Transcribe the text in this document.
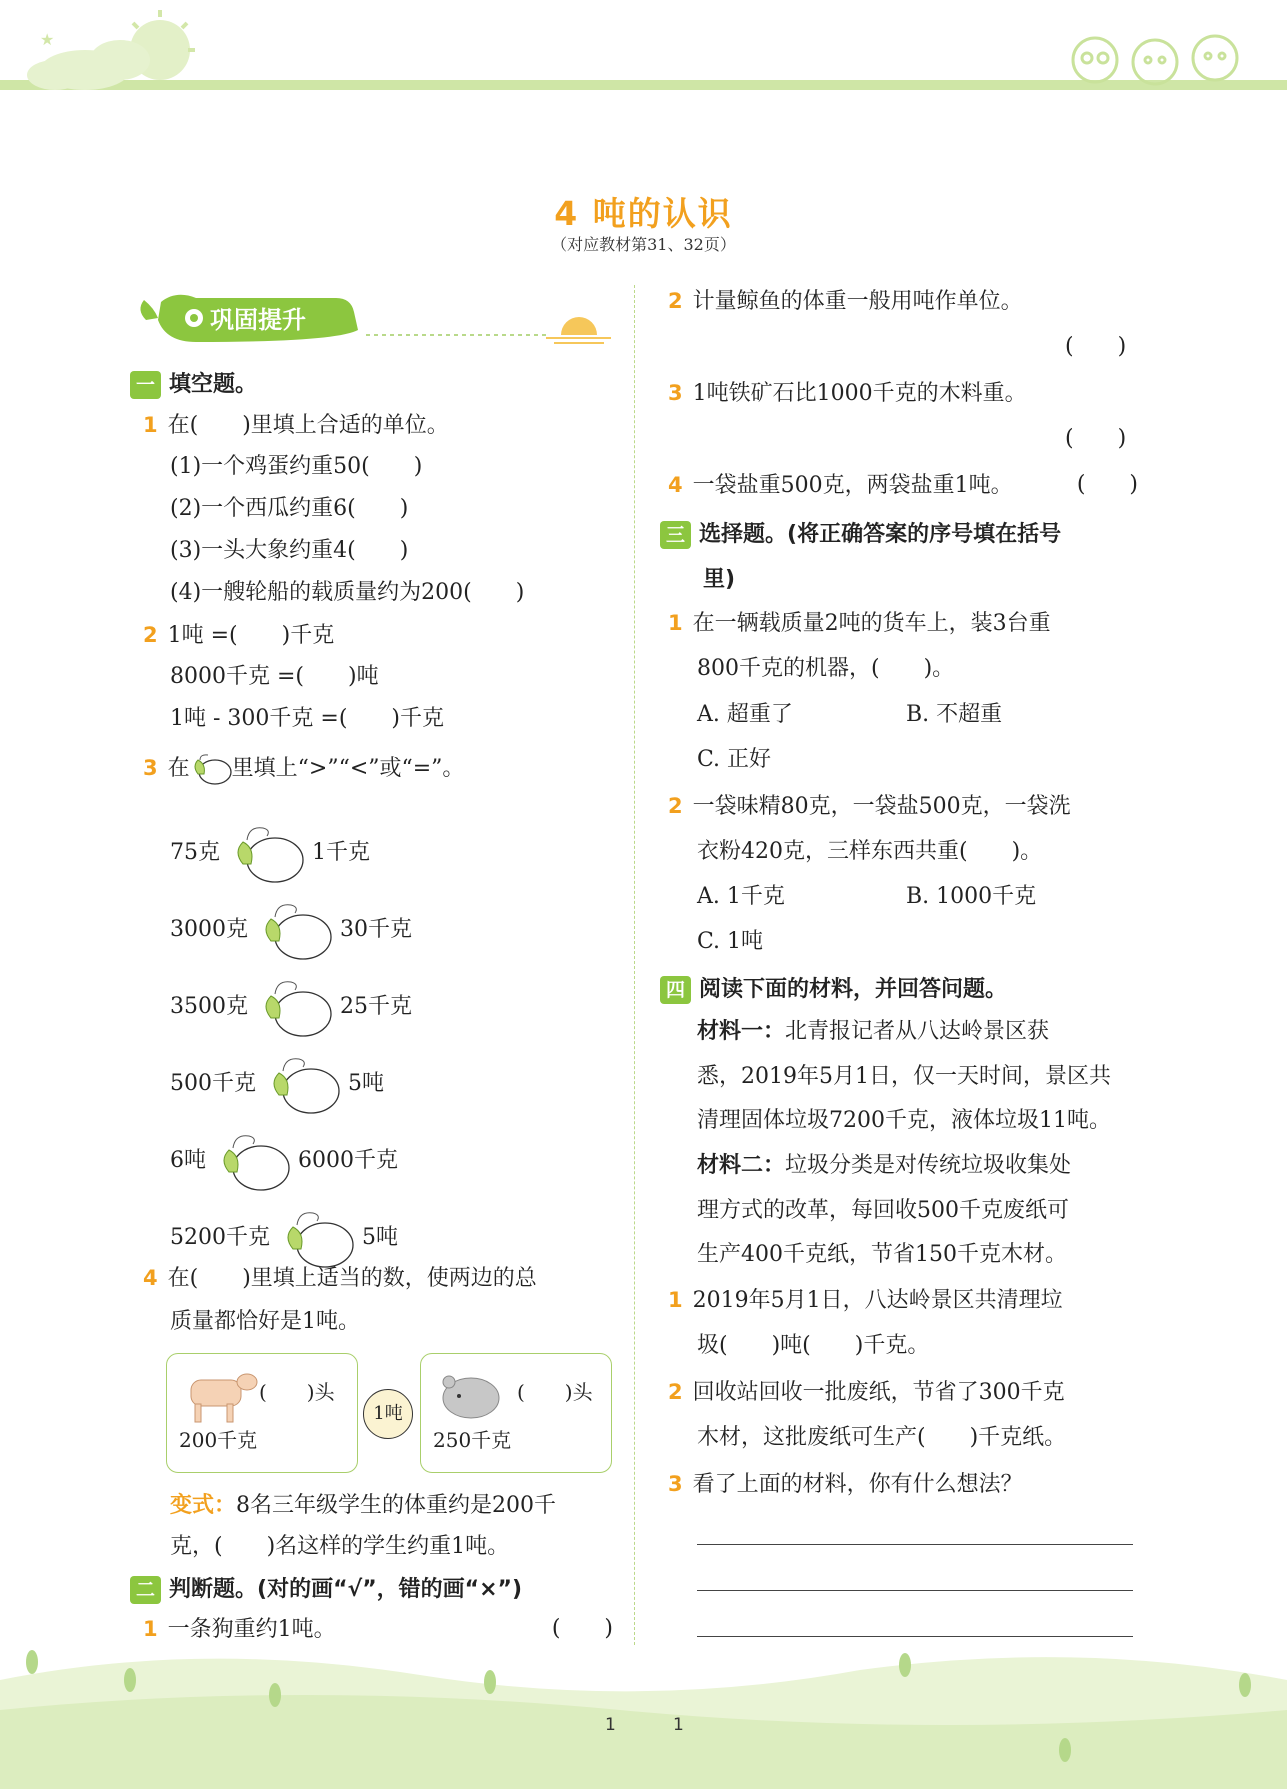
★
4 吨的认识
（对应教材第31、32页）
巩固提升
一 填空题。
1 在(　　)里填上合适的单位。
(1)一个鸡蛋约重50(　　)
(2)一个西瓜约重6(　　)
(3)一头大象约重4(　　)
(4)一艘轮船的载质量约为200(　　)
2 1吨 =(　　)千克
8000千克 =(　　)吨
1吨 - 300千克 =(　　)千克
3 在 里填上“>”“<”或“=”。
75克	1千克
3000克	30千克
3500克	25千克
500千克	5吨
6吨	6000千克
5200千克	5吨
4 在(　　)里填上适当的数，使两边的总
质量都恰好是1吨。
(　　)头
200千克
1吨
(　　)头
250千克
变式：8名三年级学生的体重约是200千
克，(　　)名这样的学生约重1吨。
二 判断题。(对的画“√”，错的画“×”)
1 一条狗重约1吨。	(　　)
2 计量鲸鱼的体重一般用吨作单位。
(　　)
3 1吨铁矿石比1000千克的木料重。
(　　)
4 一袋盐重500克，两袋盐重1吨。	(　　)
三 选择题。(将正确答案的序号填在括号
里)
1 在一辆载质量2吨的货车上，装3台重
800千克的机器，(　　)。
A. 超重了	B. 不超重
C. 正好
2 一袋味精80克，一袋盐500克，一袋洗
衣粉420克，三样东西共重(　　)。
A. 1千克	B. 1000千克
C. 1吨
四 阅读下面的材料，并回答问题。
材料一：北青报记者从八达岭景区获
悉，2019年5月1日，仅一天时间，景区共
清理固体垃圾7200千克，液体垃圾11吨。
材料二：垃圾分类是对传统垃圾收集处
理方式的改革，每回收500千克废纸可
生产400千克纸，节省150千克木材。
1 2019年5月1日，八达岭景区共清理垃
圾(　　)吨(　　)千克。
2 回收站回收一批废纸，节省了300千克
木材，这批废纸可生产(　　)千克纸。
3 看了上面的材料，你有什么想法？
1	1
